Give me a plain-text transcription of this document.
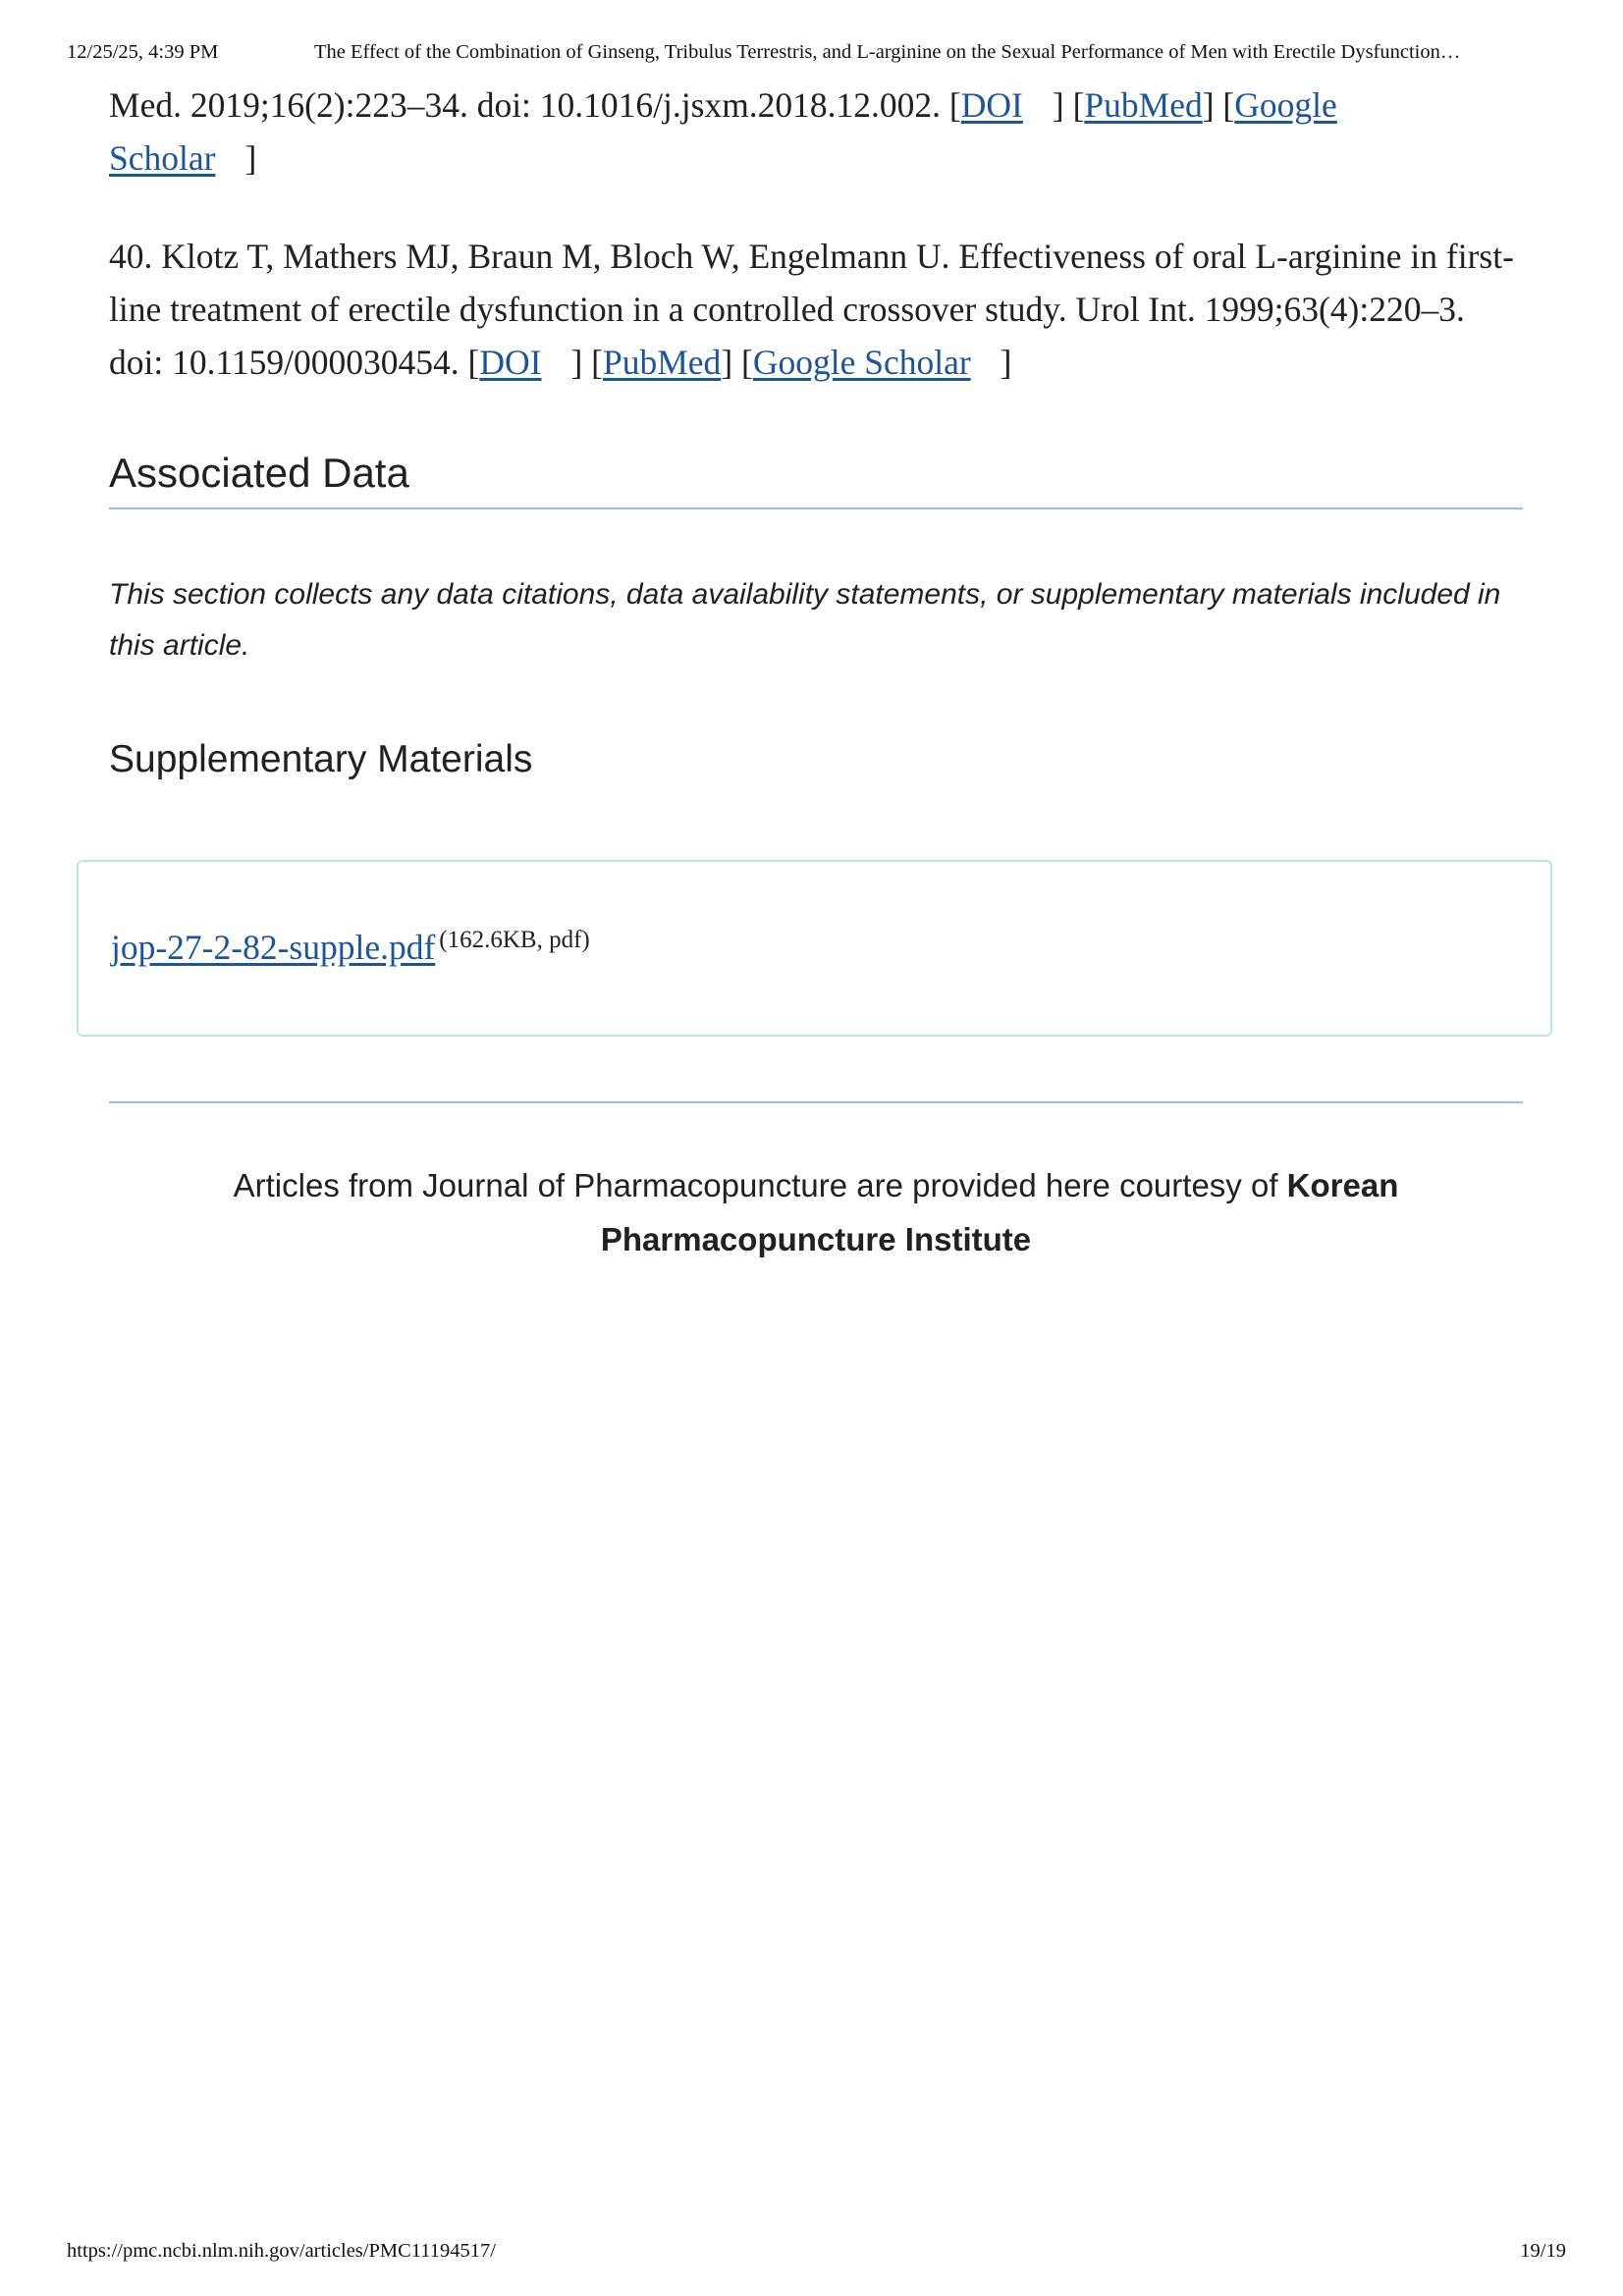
12/25/25, 4:39 PM	The Effect of the Combination of Ginseng, Tribulus Terrestris, and L-arginine on the Sexual Performance of Men with Erectile Dysfunction…

Med. 2019;16(2):223–34. doi: 10.1016/j.jsxm.2018.12.002. [DOI ] [PubMed] [Google
Scholar ]

40. Klotz T, Mathers MJ, Braun M, Bloch W, Engelmann U. Effectiveness of oral L-arginine in first-line treatment of erectile dysfunction in a controlled crossover study. Urol Int. 1999;63(4):220–3. doi: 10.1159/000030454. [DOI ] [PubMed] [Google Scholar ]

Associated Data

This section collects any data citations, data availability statements, or supplementary materials included in this article.

Supplementary Materials
jop-27-2-82-supple.pdf (162.6KB, pdf)

Articles from Journal of Pharmacopuncture are provided here courtesy of Korean Pharmacopuncture Institute

https://pmc.ncbi.nlm.nih.gov/articles/PMC11194517/	19/19
